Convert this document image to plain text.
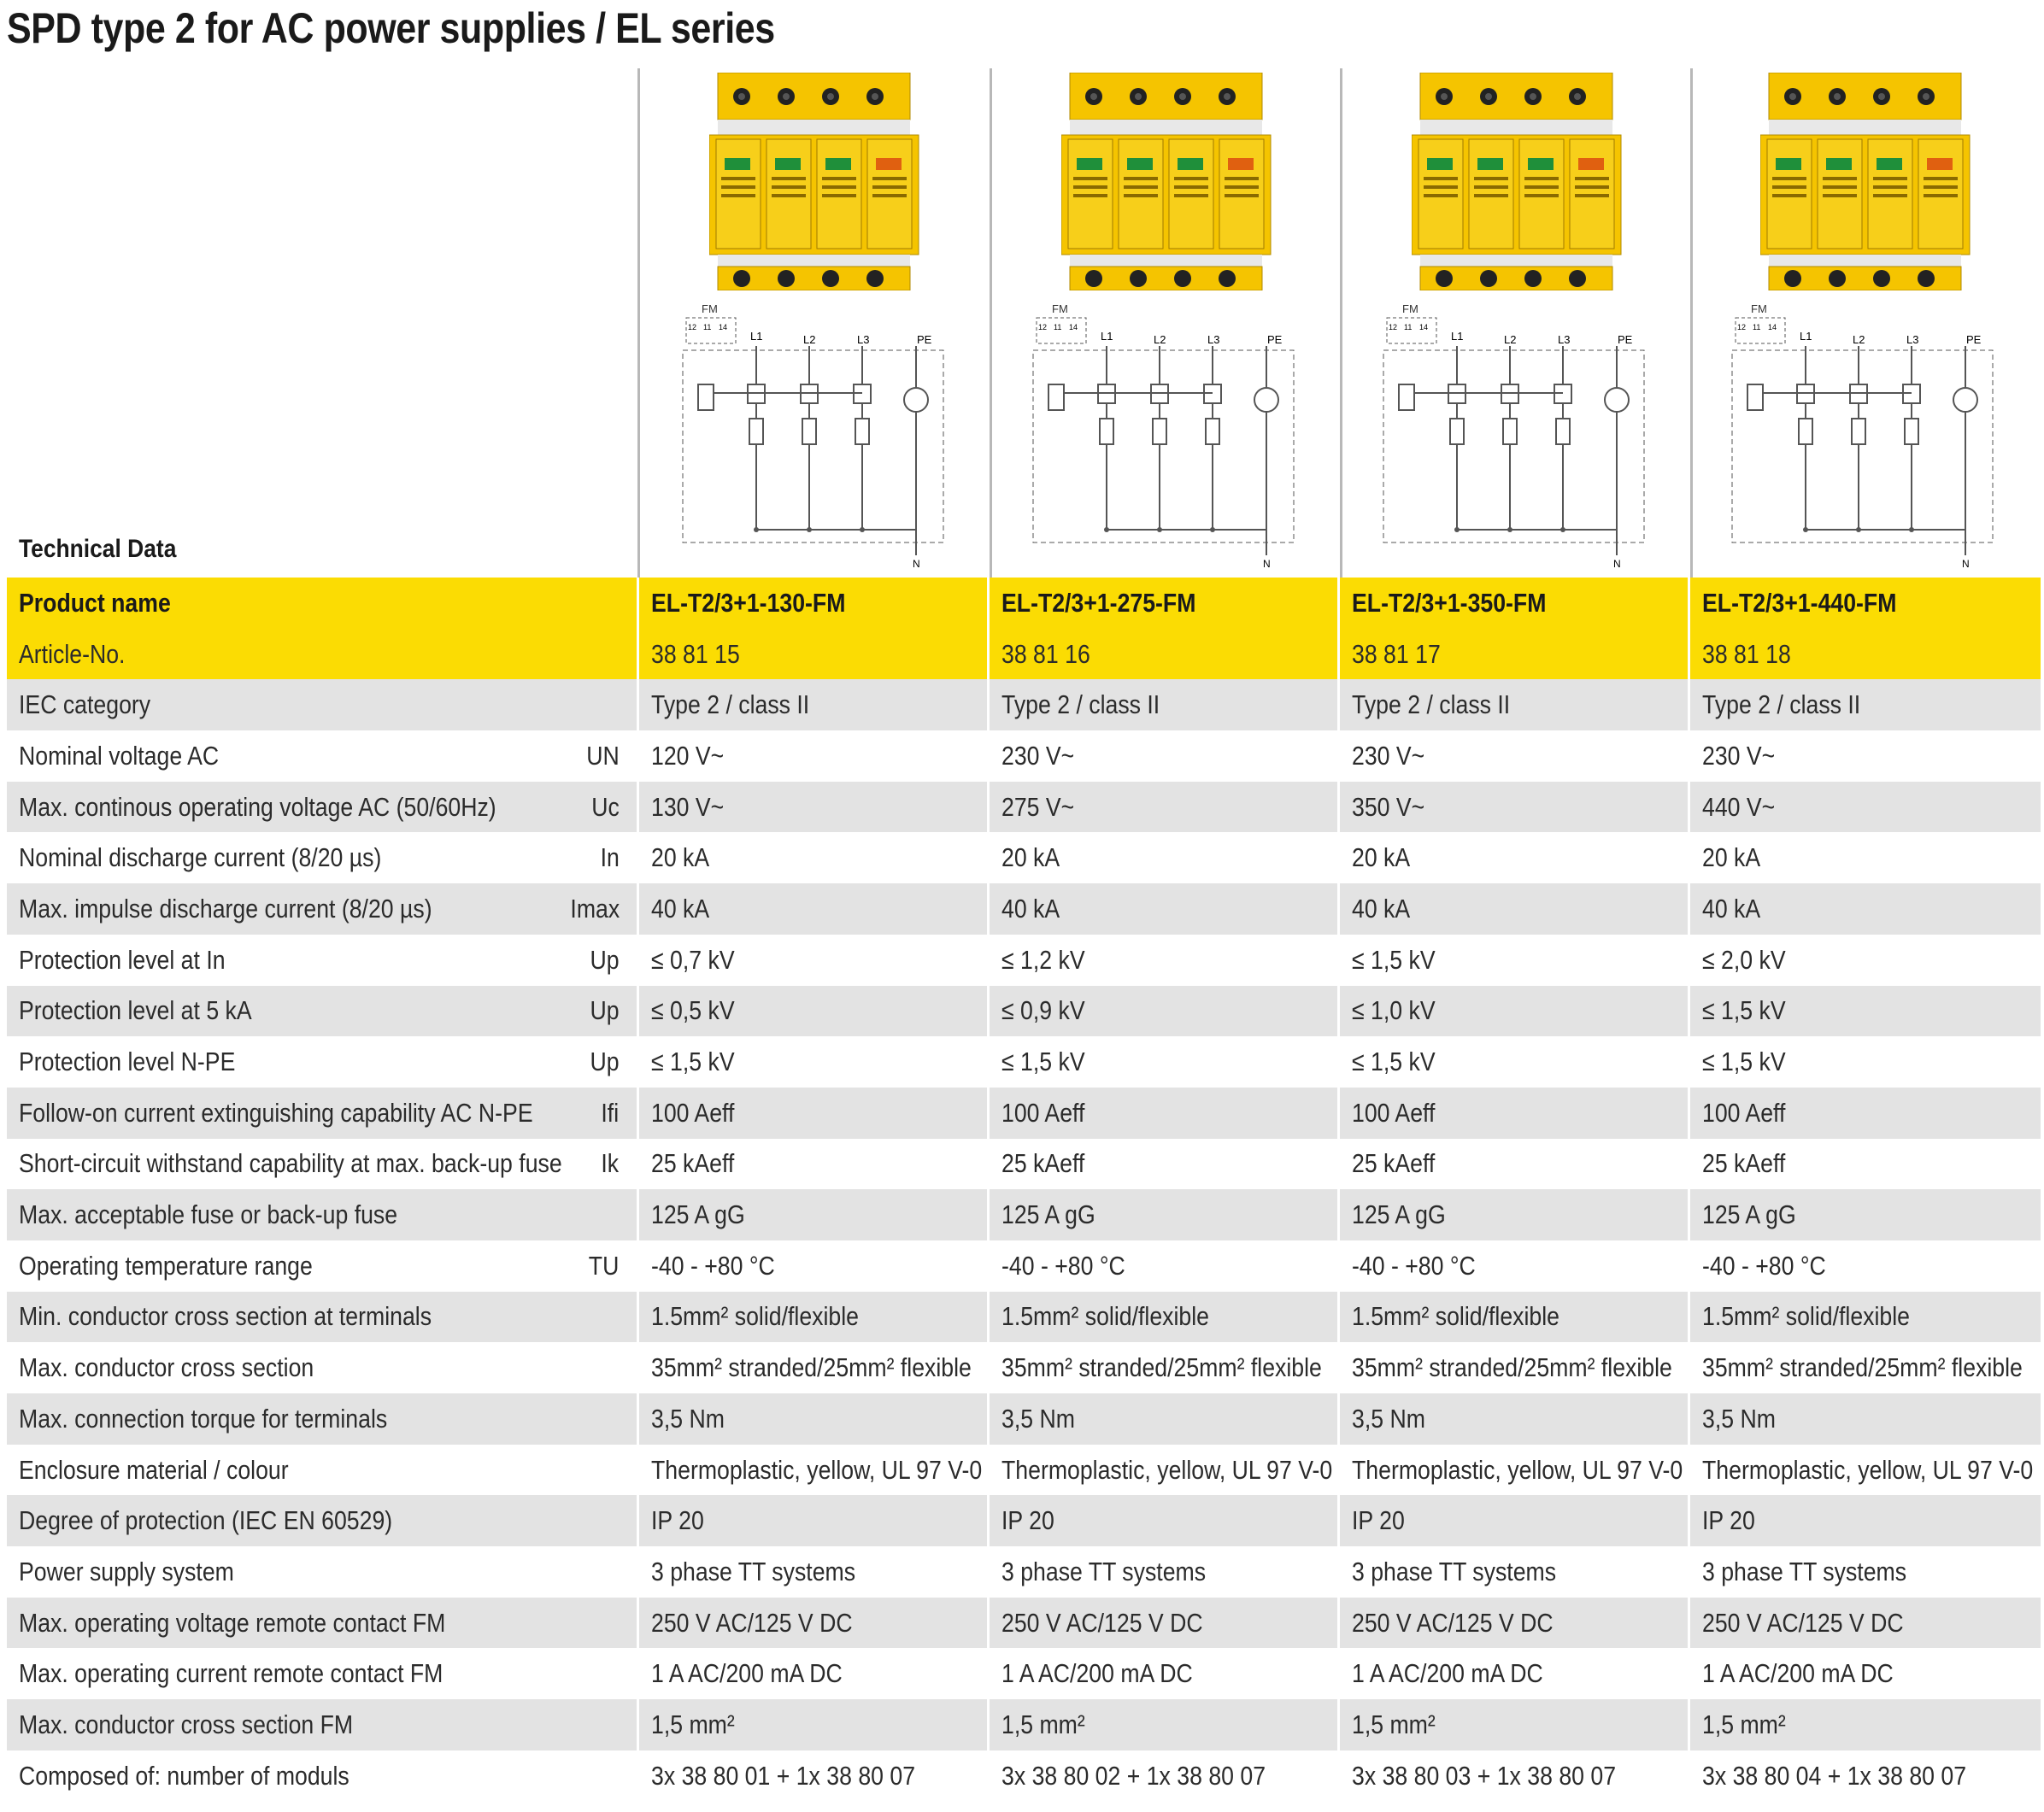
SPD type 2 for AC power supplies / EL series
Technical Data
FM
12 11 14
L1	L2	L3	PE
N
FM
12 11 14
L1	L2	L3	PE
N
FM
12 11 14
L1	L2	L3	PE
N
FM
12 11 14
L1	L2	L3	PE
N
Product name		EL-T2/3+1-130-FM	EL-T2/3+1-275-FM	EL-T2/3+1-350-FM	EL-T2/3+1-440-FM
Article-No.		38 81 15	38 81 16	38 81 17	38 81 18
IEC category		Type 2 / class II	Type 2 / class II	Type 2 / class II	Type 2 / class II
Nominal voltage AC	UN	120 V~	230 V~	230 V~	230 V~
Max. continous operating voltage AC (50/60Hz)	Uc	130 V~	275 V~	350 V~	440 V~
Nominal discharge current (8/20 µs)	In	20 kA	20 kA	20 kA	20 kA
Max. impulse discharge current (8/20 µs)	Imax	40 kA	40 kA	40 kA	40 kA
Protection level at In	Up	≤ 0,7 kV	≤ 1,2 kV	≤ 1,5 kV	≤ 2,0 kV
Protection level at 5 kA	Up	≤ 0,5 kV	≤ 0,9 kV	≤ 1,0 kV	≤ 1,5 kV
Protection level N-PE	Up	≤ 1,5 kV	≤ 1,5 kV	≤ 1,5 kV	≤ 1,5 kV
Follow-on current extinguishing capability AC N-PE	Ifi	100 Aeff	100 Aeff	100 Aeff	100 Aeff
Short-circuit withstand capability at max. back-up fuse	Ik	25 kAeff	25 kAeff	25 kAeff	25 kAeff
Max. acceptable fuse or back-up fuse		125 A gG	125 A gG	125 A gG	125 A gG
Operating temperature range	TU	-40 - +80 °C	-40 - +80 °C	-40 - +80 °C	-40 - +80 °C
Min. conductor cross section at terminals		1.5mm² solid/flexible	1.5mm² solid/flexible	1.5mm² solid/flexible	1.5mm² solid/flexible
Max. conductor cross section		35mm² stranded/25mm² flexible	35mm² stranded/25mm² flexible	35mm² stranded/25mm² flexible	35mm² stranded/25mm² flexible
Max. connection torque for terminals		3,5 Nm	3,5 Nm	3,5 Nm	3,5 Nm
Enclosure material / colour		Thermoplastic, yellow, UL 97 V-0	Thermoplastic, yellow, UL 97 V-0	Thermoplastic, yellow, UL 97 V-0	Thermoplastic, yellow, UL 97 V-0
Degree of protection (IEC EN 60529)		IP 20	IP 20	IP 20	IP 20
Power supply system		3 phase TT systems	3 phase TT systems	3 phase TT systems	3 phase TT systems
Max. operating voltage remote contact FM		250 V AC/125 V DC	250 V AC/125 V DC	250 V AC/125 V DC	250 V AC/125 V DC
Max. operating current remote contact FM		1 A AC/200 mA DC	1 A AC/200 mA DC	1 A AC/200 mA DC	1 A AC/200 mA DC
Max. conductor cross section FM		1,5 mm²	1,5 mm²	1,5 mm²	1,5 mm²
Composed of: number of moduls		3x 38 80 01 + 1x 38 80 07	3x 38 80 02 + 1x 38 80 07	3x 38 80 03 + 1x 38 80 07	3x 38 80 04 + 1x 38 80 07
